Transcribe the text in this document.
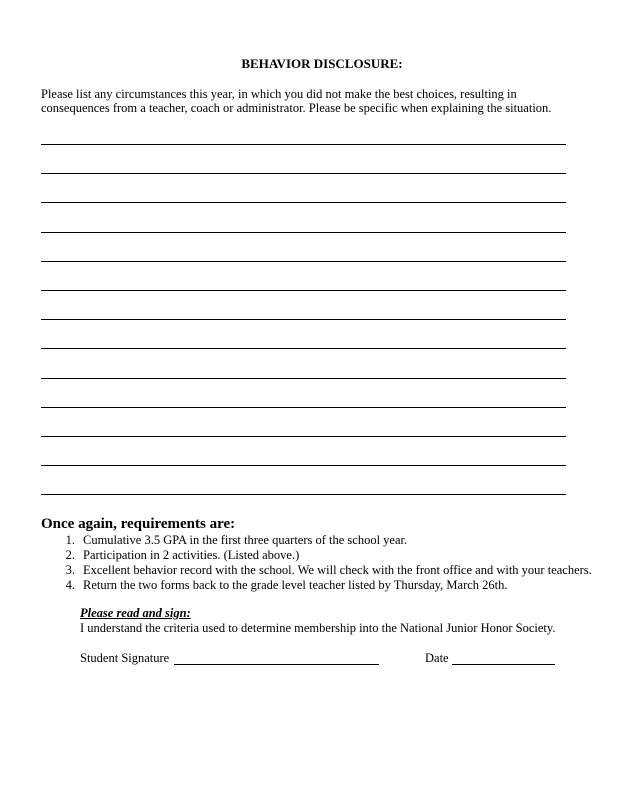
BEHAVIOR DISCLOSURE:
Please list any circumstances this year, in which you did not make the best choices, resulting in
consequences from a teacher, coach or administrator. Please be specific when explaining the situation.
Once again, requirements are:
1. Cumulative 3.5 GPA in the first three quarters of the school year.
2. Participation in 2 activities. (Listed above.)
3. Excellent behavior record with the school. We will check with the front office and with your teachers.
4. Return the two forms back to the grade level teacher listed by Thursday, March 26th.
Please read and sign:
I understand the criteria used to determine membership into the National Junior Honor Society.
Student Signature	Date
